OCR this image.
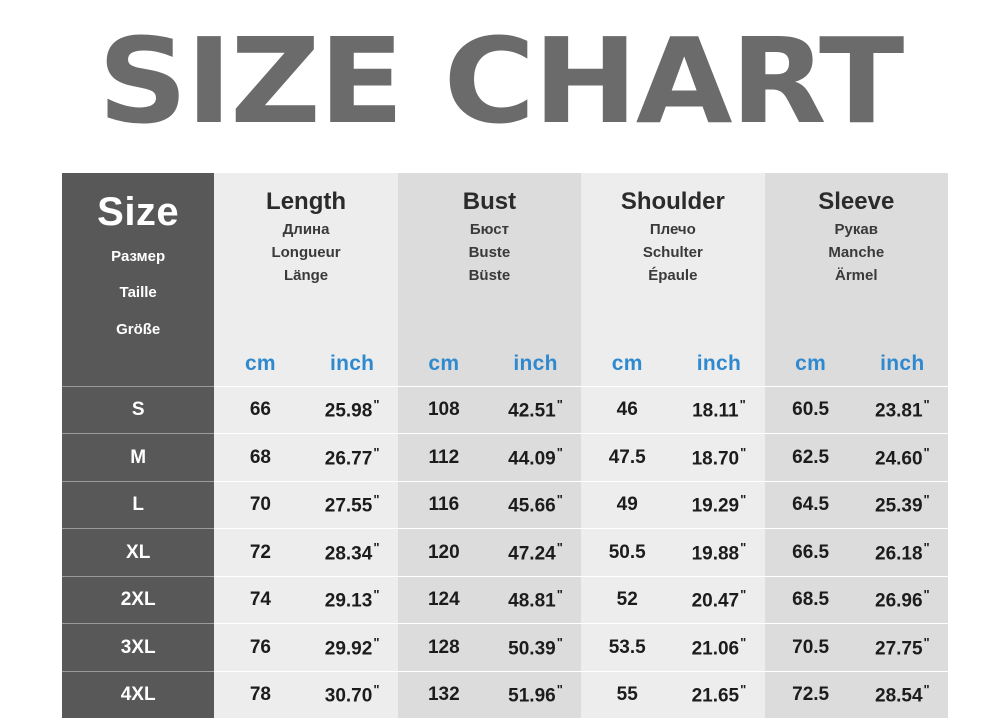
SIZE CHART
Size
Размер
Taille
Größe

Length
Длина
Longueur
Länge

Bust
Бюст
Buste
Büste

Shoulder
Плечо
Schulter
Épaule

Sleeve
Рукав
Manche
Ärmel

	cm	inch	cm	inch	cm	inch	cm	inch
S	66	25.98"	108	42.51"	46	18.11"	60.5	23.81"
M	68	26.77"	112	44.09"	47.5	18.70"	62.5	24.60"
L	70	27.55"	116	45.66"	49	19.29"	64.5	25.39"
XL	72	28.34"	120	47.24"	50.5	19.88"	66.5	26.18"
2XL	74	29.13"	124	48.81"	52	20.47"	68.5	26.96"
3XL	76	29.92"	128	50.39"	53.5	21.06"	70.5	27.75"
4XL	78	30.70"	132	51.96"	55	21.65"	72.5	28.54"
